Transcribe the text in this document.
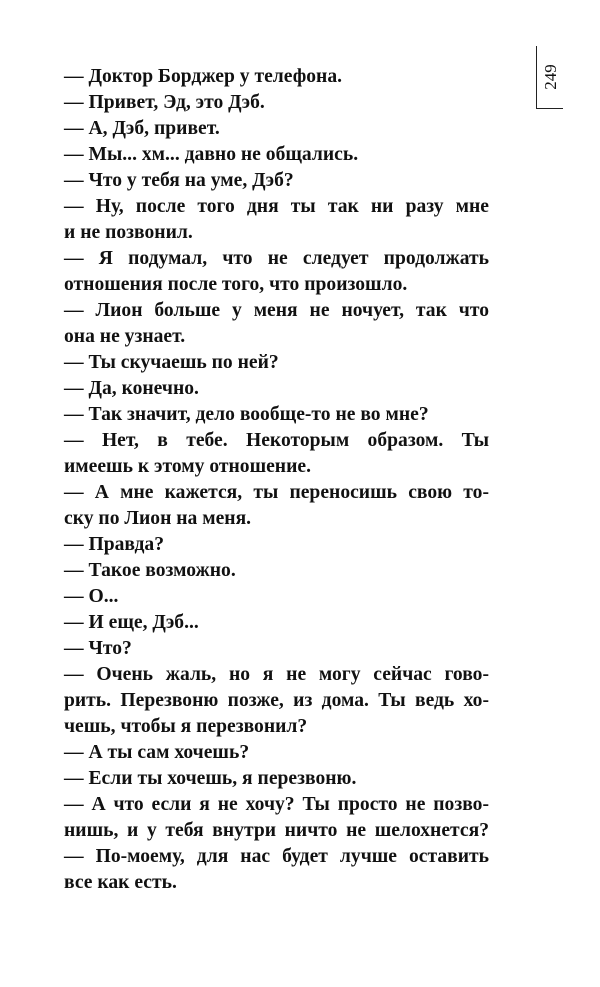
249
— Доктор Борджер у телефона.
— Привет, Эд, это Дэб.
— А, Дэб, привет.
— Мы... хм... давно не общались.
— Что у тебя на уме, Дэб?
— Ну, после того дня ты так ни разу мне
и не позвонил.
— Я подумал, что не следует продолжать
отношения после того, что произошло.
— Лион больше у меня не ночует, так что
она не узнает.
— Ты скучаешь по ней?
— Да, конечно.
— Так значит, дело вообще-то не во мне?
— Нет, в тебе. Некоторым образом. Ты
имеешь к этому отношение.
— А мне кажется, ты переносишь свою то-
ску по Лион на меня.
— Правда?
— Такое возможно.
— О...
— И еще, Дэб...
— Что?
— Очень жаль, но я не могу сейчас гово-
рить. Перезвоню позже, из дома. Ты ведь хо-
чешь, чтобы я перезвонил?
— А ты сам хочешь?
— Если ты хочешь, я перезвоню.
— А что если я не хочу? Ты просто не позво-
нишь, и у тебя внутри ничто не шелохнется?
— По-моему, для нас будет лучше оставить
все как есть.
